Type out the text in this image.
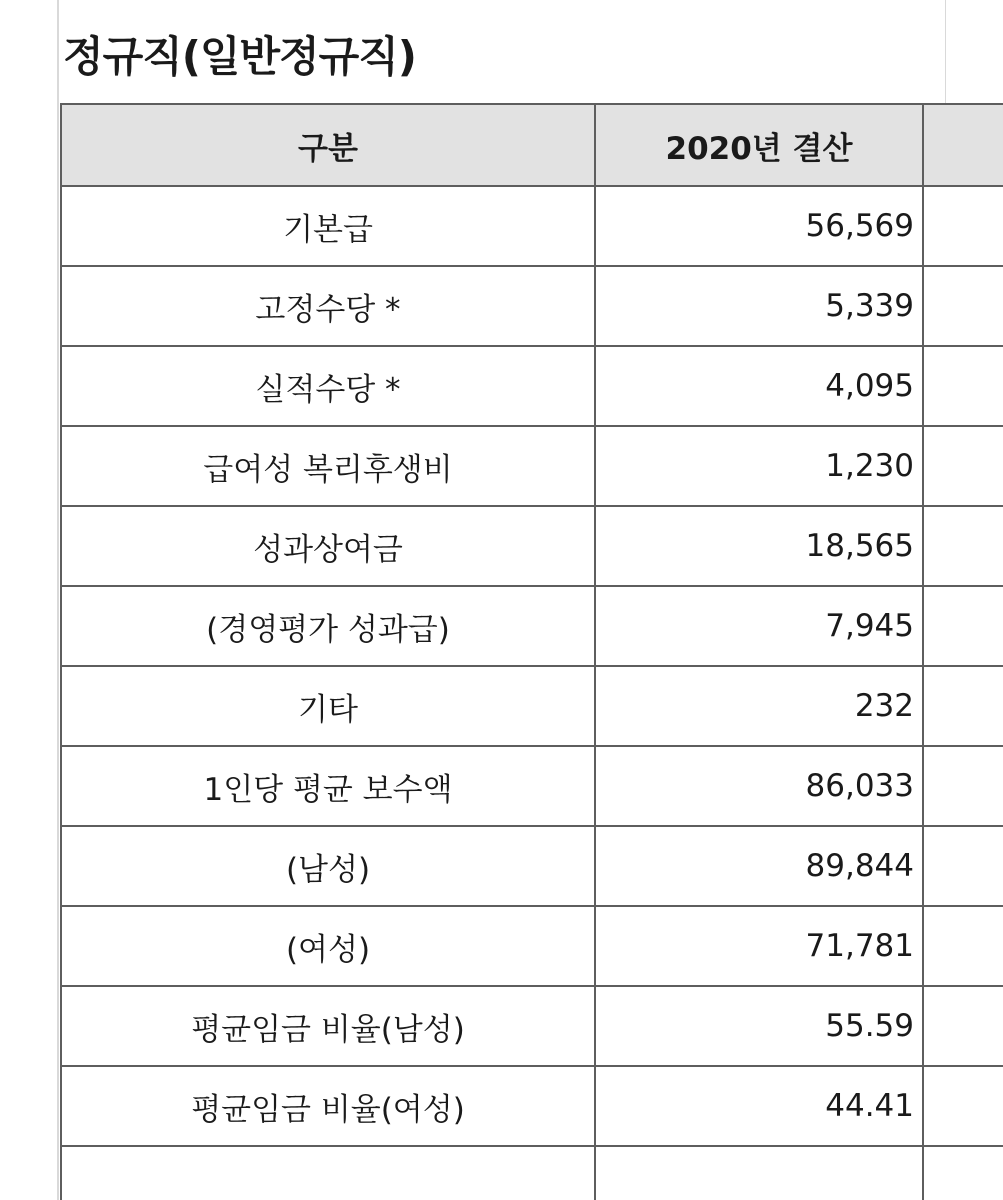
정규직(일반정규직)
구분	2020년 결산	
기본급	56,569	
고정수당 *	5,339	
실적수당 *	4,095	
급여성 복리후생비	1,230	
성과상여금	18,565	
(경영평가 성과급)	7,945	
기타	232	
1인당 평균 보수액	86,033	
(남성)	89,844	
(여성)	71,781	
평균임금 비율(남성)	55.59	
평균임금 비율(여성)	44.41	
